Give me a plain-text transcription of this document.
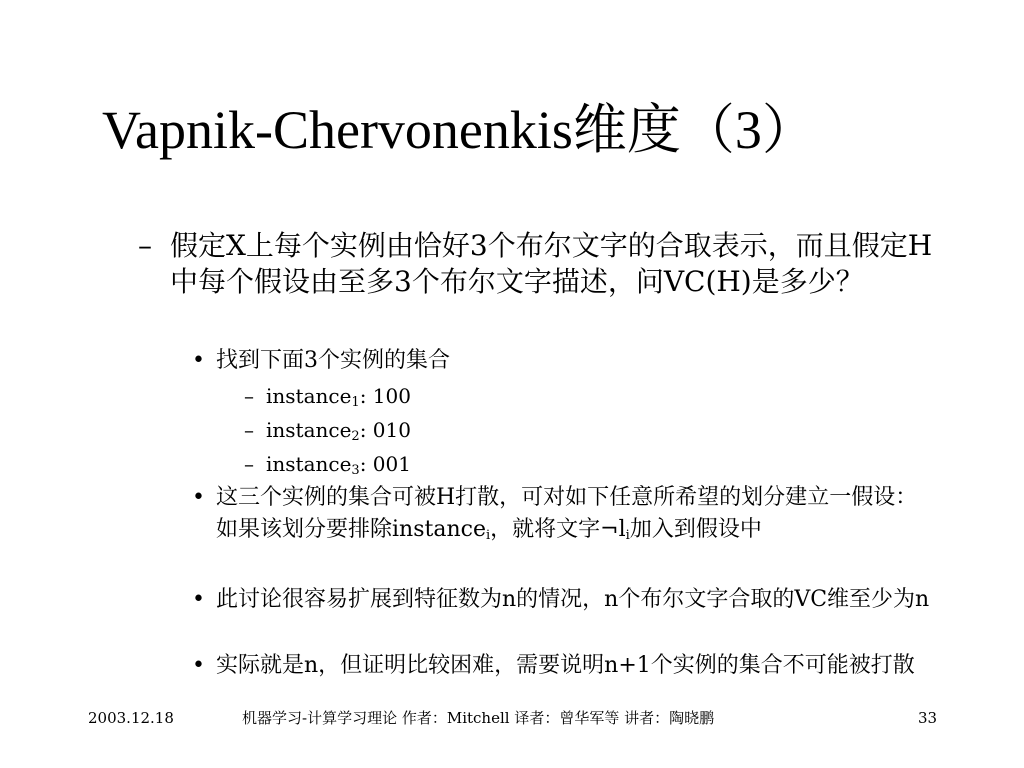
Vapnik-Chervonenkis维度（3）
– 假定X上每个实例由恰好3个布尔文字的合取表示，而且假定H中每个假设由至多3个布尔文字描述，问VC(H)是多少？
• 找到下面3个实例的集合
– instance$_1$: 100
– instance$_2$: 010
– instance$_3$: 001
• 这三个实例的集合可被H打散，可对如下任意所希望的划分建立一假设：如果该划分要排除instance$_i$，就将文字$\neg l_i$加入到假设中
• 此讨论很容易扩展到特征数为n的情况，n个布尔文字合取的VC维至少为n
• 实际就是n，但证明比较困难，需要说明n+1个实例的集合不可能被打散
2003.12.18	机器学习-计算学习理论 作者：Mitchell 译者：曾华军等 讲者：陶晓鹏	33
